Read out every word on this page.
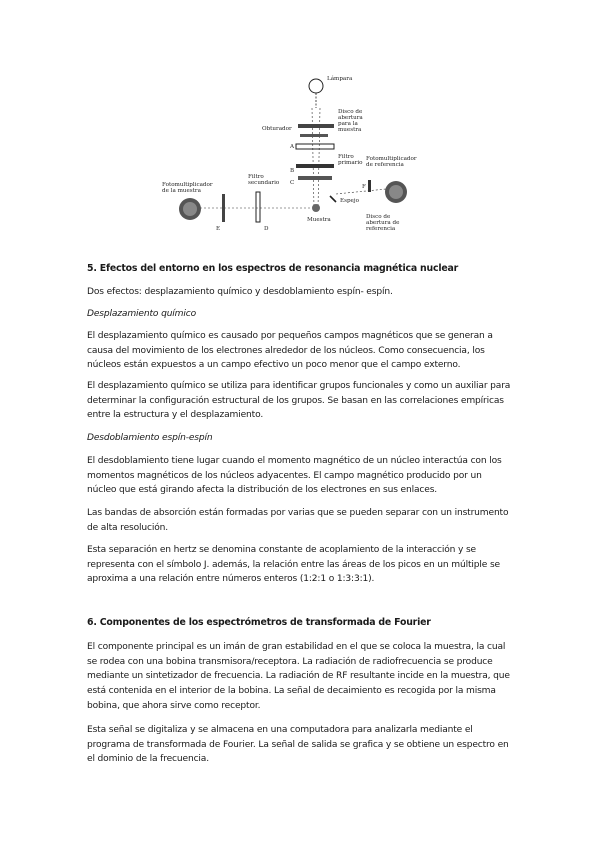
Lámpara
Disco de abertura para la muestra
Obturador
A
B
C
Filtro primario
Muestra
Espejo
F
Fotomultiplicador de referencia
Disco de abertura de referencia
D
E
Filtro secundario
Fotomultiplicador de la muestra
5. Efectos del entorno en los espectros de resonancia magnética nuclear
Dos efectos: desplazamiento químico y desdoblamiento espín- espín.
Desplazamiento químico
El desplazamiento químico es causado por pequeños campos magnéticos que se generan a
causa del movimiento de los electrones alrededor de los núcleos. Como consecuencia, los
núcleos están expuestos a un campo efectivo un poco menor que el campo externo.
El desplazamiento químico se utiliza para identificar grupos funcionales y como un auxiliar para
determinar la configuración estructural de los grupos. Se basan en las correlaciones empíricas
entre la estructura y el desplazamiento.
Desdoblamiento espín-espín
El desdoblamiento tiene lugar cuando el momento magnético de un núcleo interactúa con los
momentos magnéticos de los núcleos adyacentes. El campo magnético producido por un
núcleo que está girando afecta la distribución de los electrones en sus enlaces.
Las bandas de absorción están formadas por varias que se pueden separar con un instrumento
de alta resolución.
Esta separación en hertz se denomina constante de acoplamiento de la interacción y se
representa con el símbolo J. además, la relación entre las áreas de los picos en un múltiple se
aproxima a una relación entre números enteros (1:2:1 o 1:3:3:1).
6. Componentes de los espectrómetros de transformada de Fourier
El componente principal es un imán de gran estabilidad en el que se coloca la muestra, la cual
se rodea con una bobina transmisora/receptora. La radiación de radiofrecuencia se produce
mediante un sintetizador de frecuencia. La radiación de RF resultante incide en la muestra, que
está contenida en el interior de la bobina. La señal de decaimiento es recogida por la misma
bobina, que ahora sirve como receptor.
Esta señal se digitaliza y se almacena en una computadora para analizarla mediante el
programa de transformada de Fourier. La señal de salida se grafica y se obtiene un espectro en
el dominio de la frecuencia.
